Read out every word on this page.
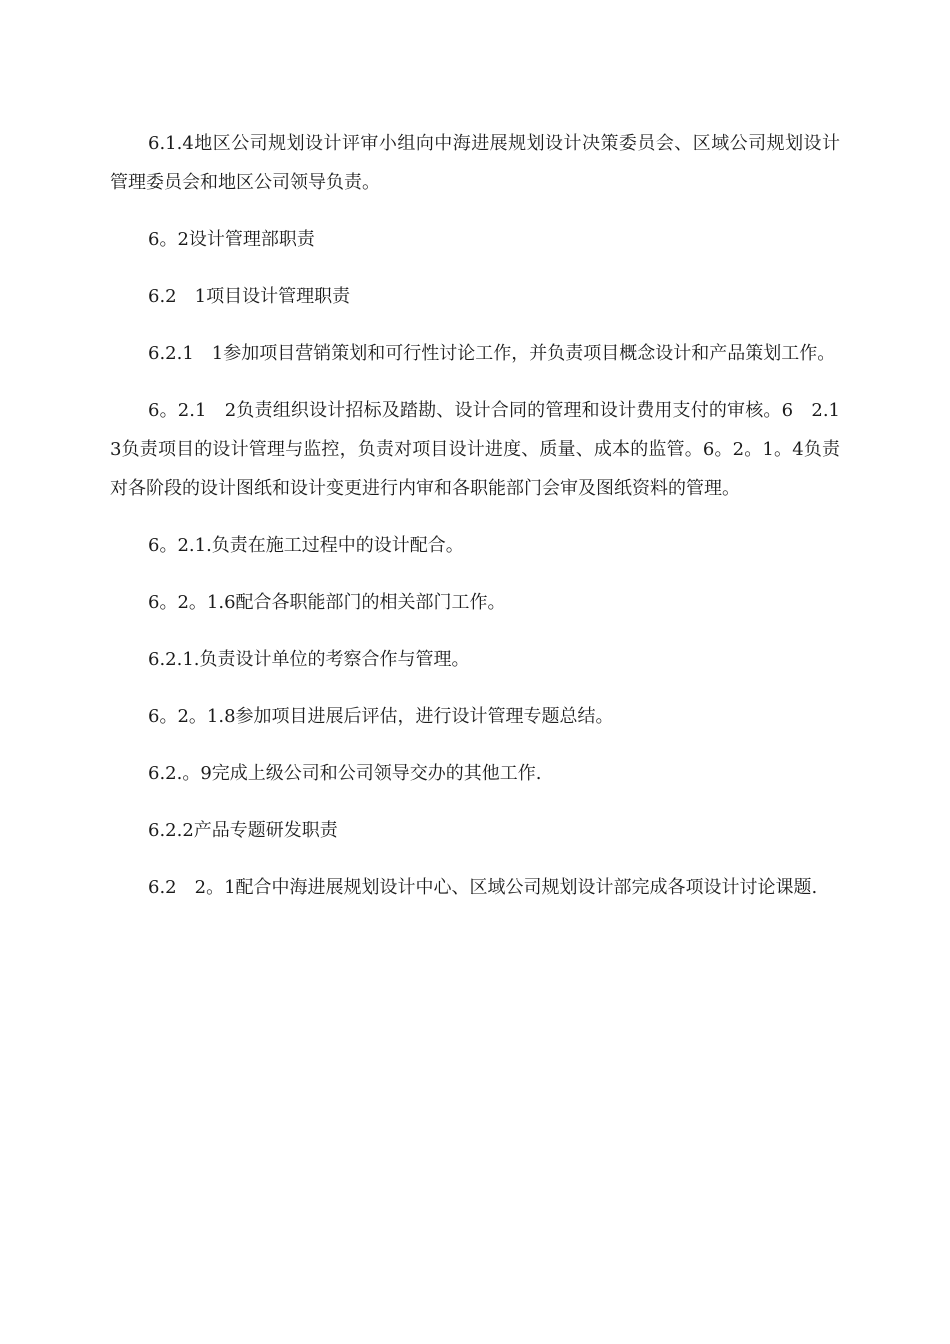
6.1.4地区公司规划设计评审小组向中海进展规划设计决策委员会、区域公司规划设计管理委员会和地区公司领导负责。

6。2设计管理部职责

6.2　1项目设计管理职责

6.2.1　1参加项目营销策划和可行性讨论工作，并负责项目概念设计和产品策划工作。

6。2.1　2负责组织设计招标及踏勘、设计合同的管理和设计费用支付的审核。6　2.1　3负责项目的设计管理与监控，负责对项目设计进度、质量、成本的监管。6。2。1。4负责对各阶段的设计图纸和设计变更进行内审和各职能部门会审及图纸资料的管理。

6。2.1.负责在施工过程中的设计配合。

6。2。1.6配合各职能部门的相关部门工作。

6.2.1.负责设计单位的考察合作与管理。

6。2。1.8参加项目进展后评估，进行设计管理专题总结。

6.2.。9完成上级公司和公司领导交办的其他工作.

6.2.2产品专题研发职责

6.2　2。1配合中海进展规划设计中心、区域公司规划设计部完成各项设计讨论课题.
